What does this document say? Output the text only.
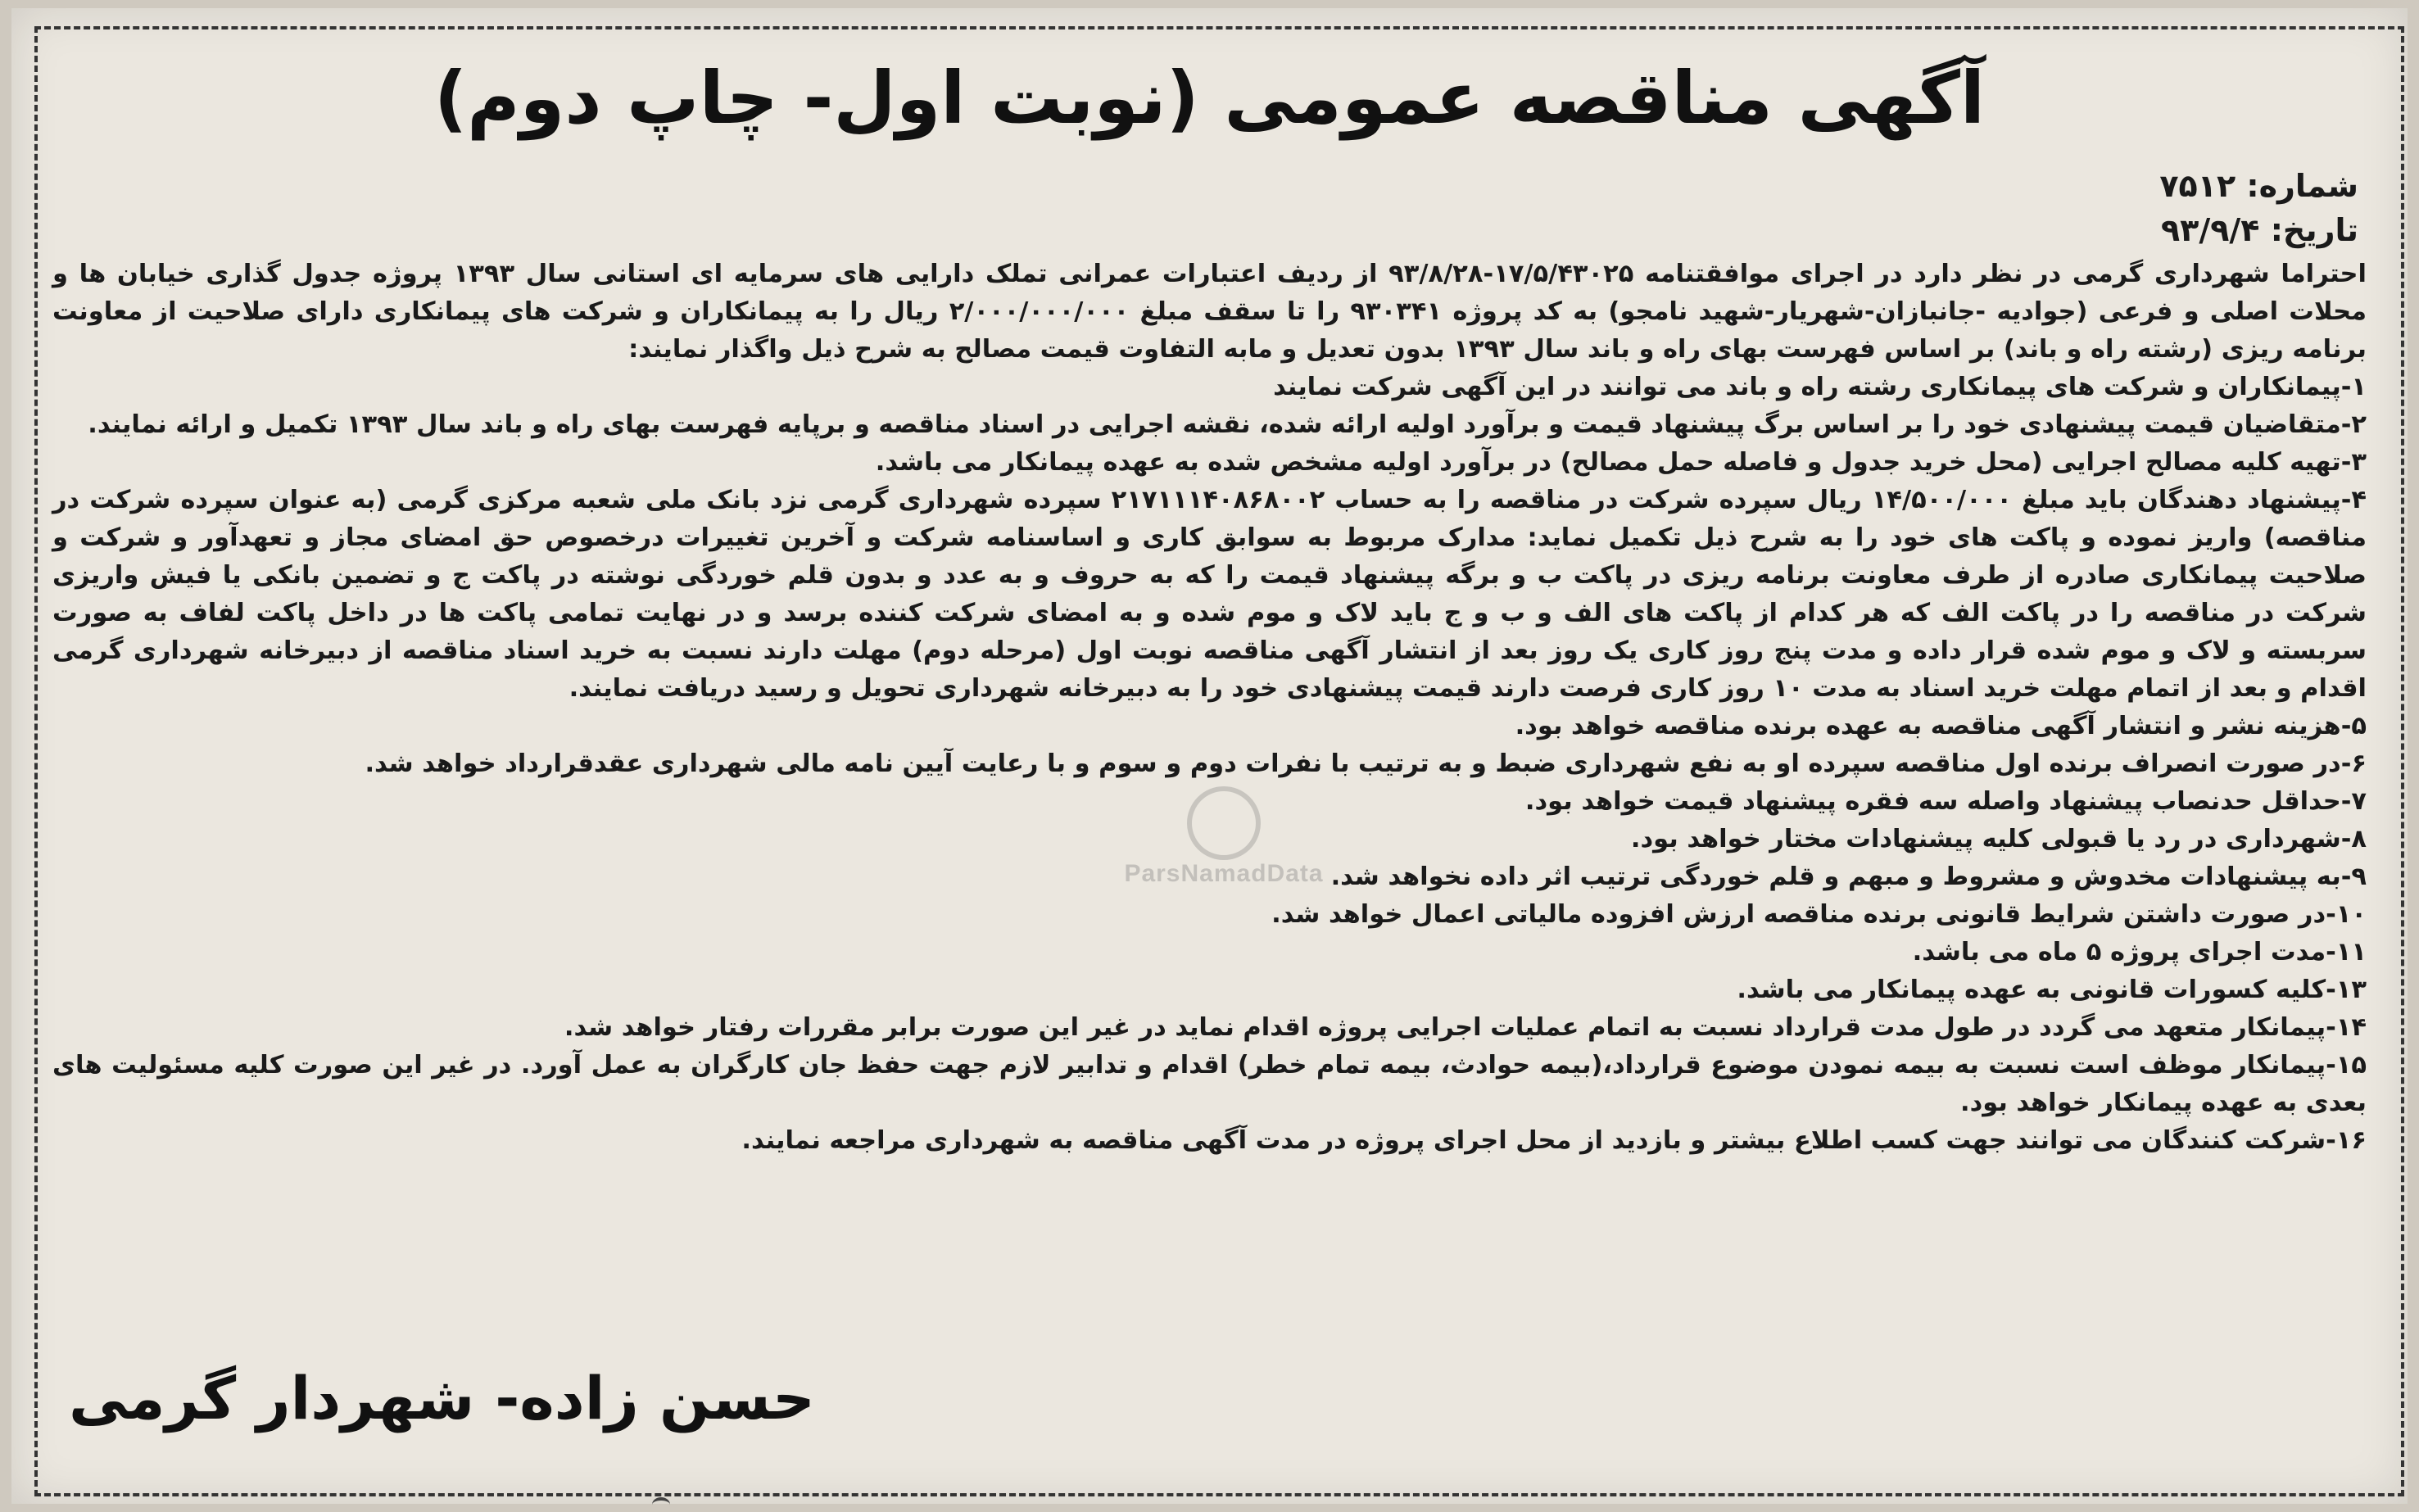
آگهی مناقصه عمومی (نوبت اول- چاپ دوم)
شماره: ۷۵۱۲
تاریخ: ۹۳/۹/۴

احتراما شهرداری گرمی در نظر دارد در اجرای موافقتنامه ۱۷/۵/۴۳۰۲۵-۹۳/۸/۲۸ از ردیف اعتبارات عمرانی تملک دارایی های سرمایه ای استانی سال ۱۳۹۳ پروژه جدول گذاری خیابان ها و محلات اصلی و فرعی (جوادیه -جانبازان-شهریار-شهید نامجو) به کد پروژه ۹۳۰۳۴۱ را تا سقف مبلغ ۲/۰۰۰/۰۰۰/۰۰۰ ریال را به پیمانکاران و شرکت های پیمانکاری دارای صلاحیت از معاونت برنامه ریزی (رشته راه و باند) بر اساس فهرست بهای راه و باند سال ۱۳۹۳ بدون تعدیل و مابه التفاوت قیمت مصالح به شرح ذیل واگذار نمایند:

۱-پیمانکاران و شرکت های پیمانکاری رشته راه و باند می توانند در این آگهی شرکت نمایند

۲-متقاضیان قیمت پیشنهادی خود را بر اساس برگ پیشنهاد قیمت و برآورد اولیه ارائه شده، نقشه اجرایی در اسناد مناقصه و برپایه فهرست بهای راه و باند سال ۱۳۹۳ تکمیل و ارائه نمایند.

۳-تهیه کلیه مصالح اجرایی (محل خرید جدول و فاصله حمل مصالح) در برآورد اولیه مشخص شده به عهده پیمانکار می باشد.

۴-پیشنهاد دهندگان باید مبلغ ۱۴/۵۰۰/۰۰۰ ریال سپرده شرکت در مناقصه را به حساب ۲۱۷۱۱۱۴۰۸۶۸۰۰۲ سپرده شهرداری گرمی نزد بانک ملی شعبه مرکزی گرمی (به عنوان سپرده شرکت در مناقصه) واریز نموده و پاکت های خود را به شرح ذیل تکمیل نماید: مدارک مربوط به سوابق کاری و اساسنامه شرکت و آخرین تغییرات درخصوص حق امضای مجاز و تعهدآور و شرکت و صلاحیت پیمانکاری صادره از طرف معاونت برنامه ریزی در پاکت ب و برگه پیشنهاد قیمت را که به حروف و به عدد و بدون قلم خوردگی نوشته در پاکت ج و تضمین بانکی یا فیش واریزی شرکت در مناقصه را در پاکت الف که هر کدام از پاکت های الف و ب و ج باید لاک و موم شده و به امضای شرکت کننده برسد و در نهایت تمامی پاکت ها در داخل پاکت لفاف به صورت سربسته و لاک و موم شده قرار داده و مدت پنج روز کاری یک روز بعد از انتشار آگهی مناقصه نوبت اول (مرحله دوم) مهلت دارند نسبت به خرید اسناد مناقصه از دبیرخانه شهرداری گرمی اقدام و بعد از اتمام مهلت خرید اسناد به مدت ۱۰ روز کاری فرصت دارند قیمت پیشنهادی خود را به دبیرخانه شهرداری تحویل و رسید دریافت نمایند.

۵-هزینه نشر و انتشار آگهی مناقصه به عهده برنده مناقصه خواهد بود.

۶-در صورت انصراف برنده اول مناقصه سپرده او به نفع شهرداری ضبط و به ترتیب با نفرات دوم و سوم و با رعایت آیین نامه مالی شهرداری عقدقرارداد خواهد شد.

۷-حداقل حدنصاب پیشنهاد واصله سه فقره پیشنهاد قیمت خواهد بود.

۸-شهرداری در رد یا قبولی کلیه پیشنهادات مختار خواهد بود.

۹-به پیشنهادات مخدوش و مشروط و مبهم و قلم خوردگی ترتیب اثر داده نخواهد شد.

۱۰-در صورت داشتن شرایط قانونی برنده مناقصه ارزش افزوده مالیاتی اعمال خواهد شد.

۱۱-مدت اجرای پروژه ۵ ماه می باشد.

۱۳-کلیه کسورات قانونی به عهده پیمانکار می باشد.

۱۴-پیمانکار متعهد می گردد در طول مدت قرارداد نسبت به اتمام عملیات اجرایی پروژه اقدام نماید در غیر این صورت برابر مقررات رفتار خواهد شد.

۱۵-پیمانکار موظف است نسبت به بیمه نمودن موضوع قرارداد،(بیمه حوادث، بیمه تمام خطر) اقدام و تدابیر لازم جهت حفظ جان کارگران به عمل آورد. در غیر این صورت کلیه مسئولیت های بعدی به عهده پیمانکار خواهد بود.

۱۶-شرکت کنندگان می توانند جهت کسب اطلاع بیشتر و بازدید از محل اجرای پروژه در مدت آگهی مناقصه به شهرداری مراجعه نمایند.

ParsNamadData
حسن زاده- شهردار گرمی
